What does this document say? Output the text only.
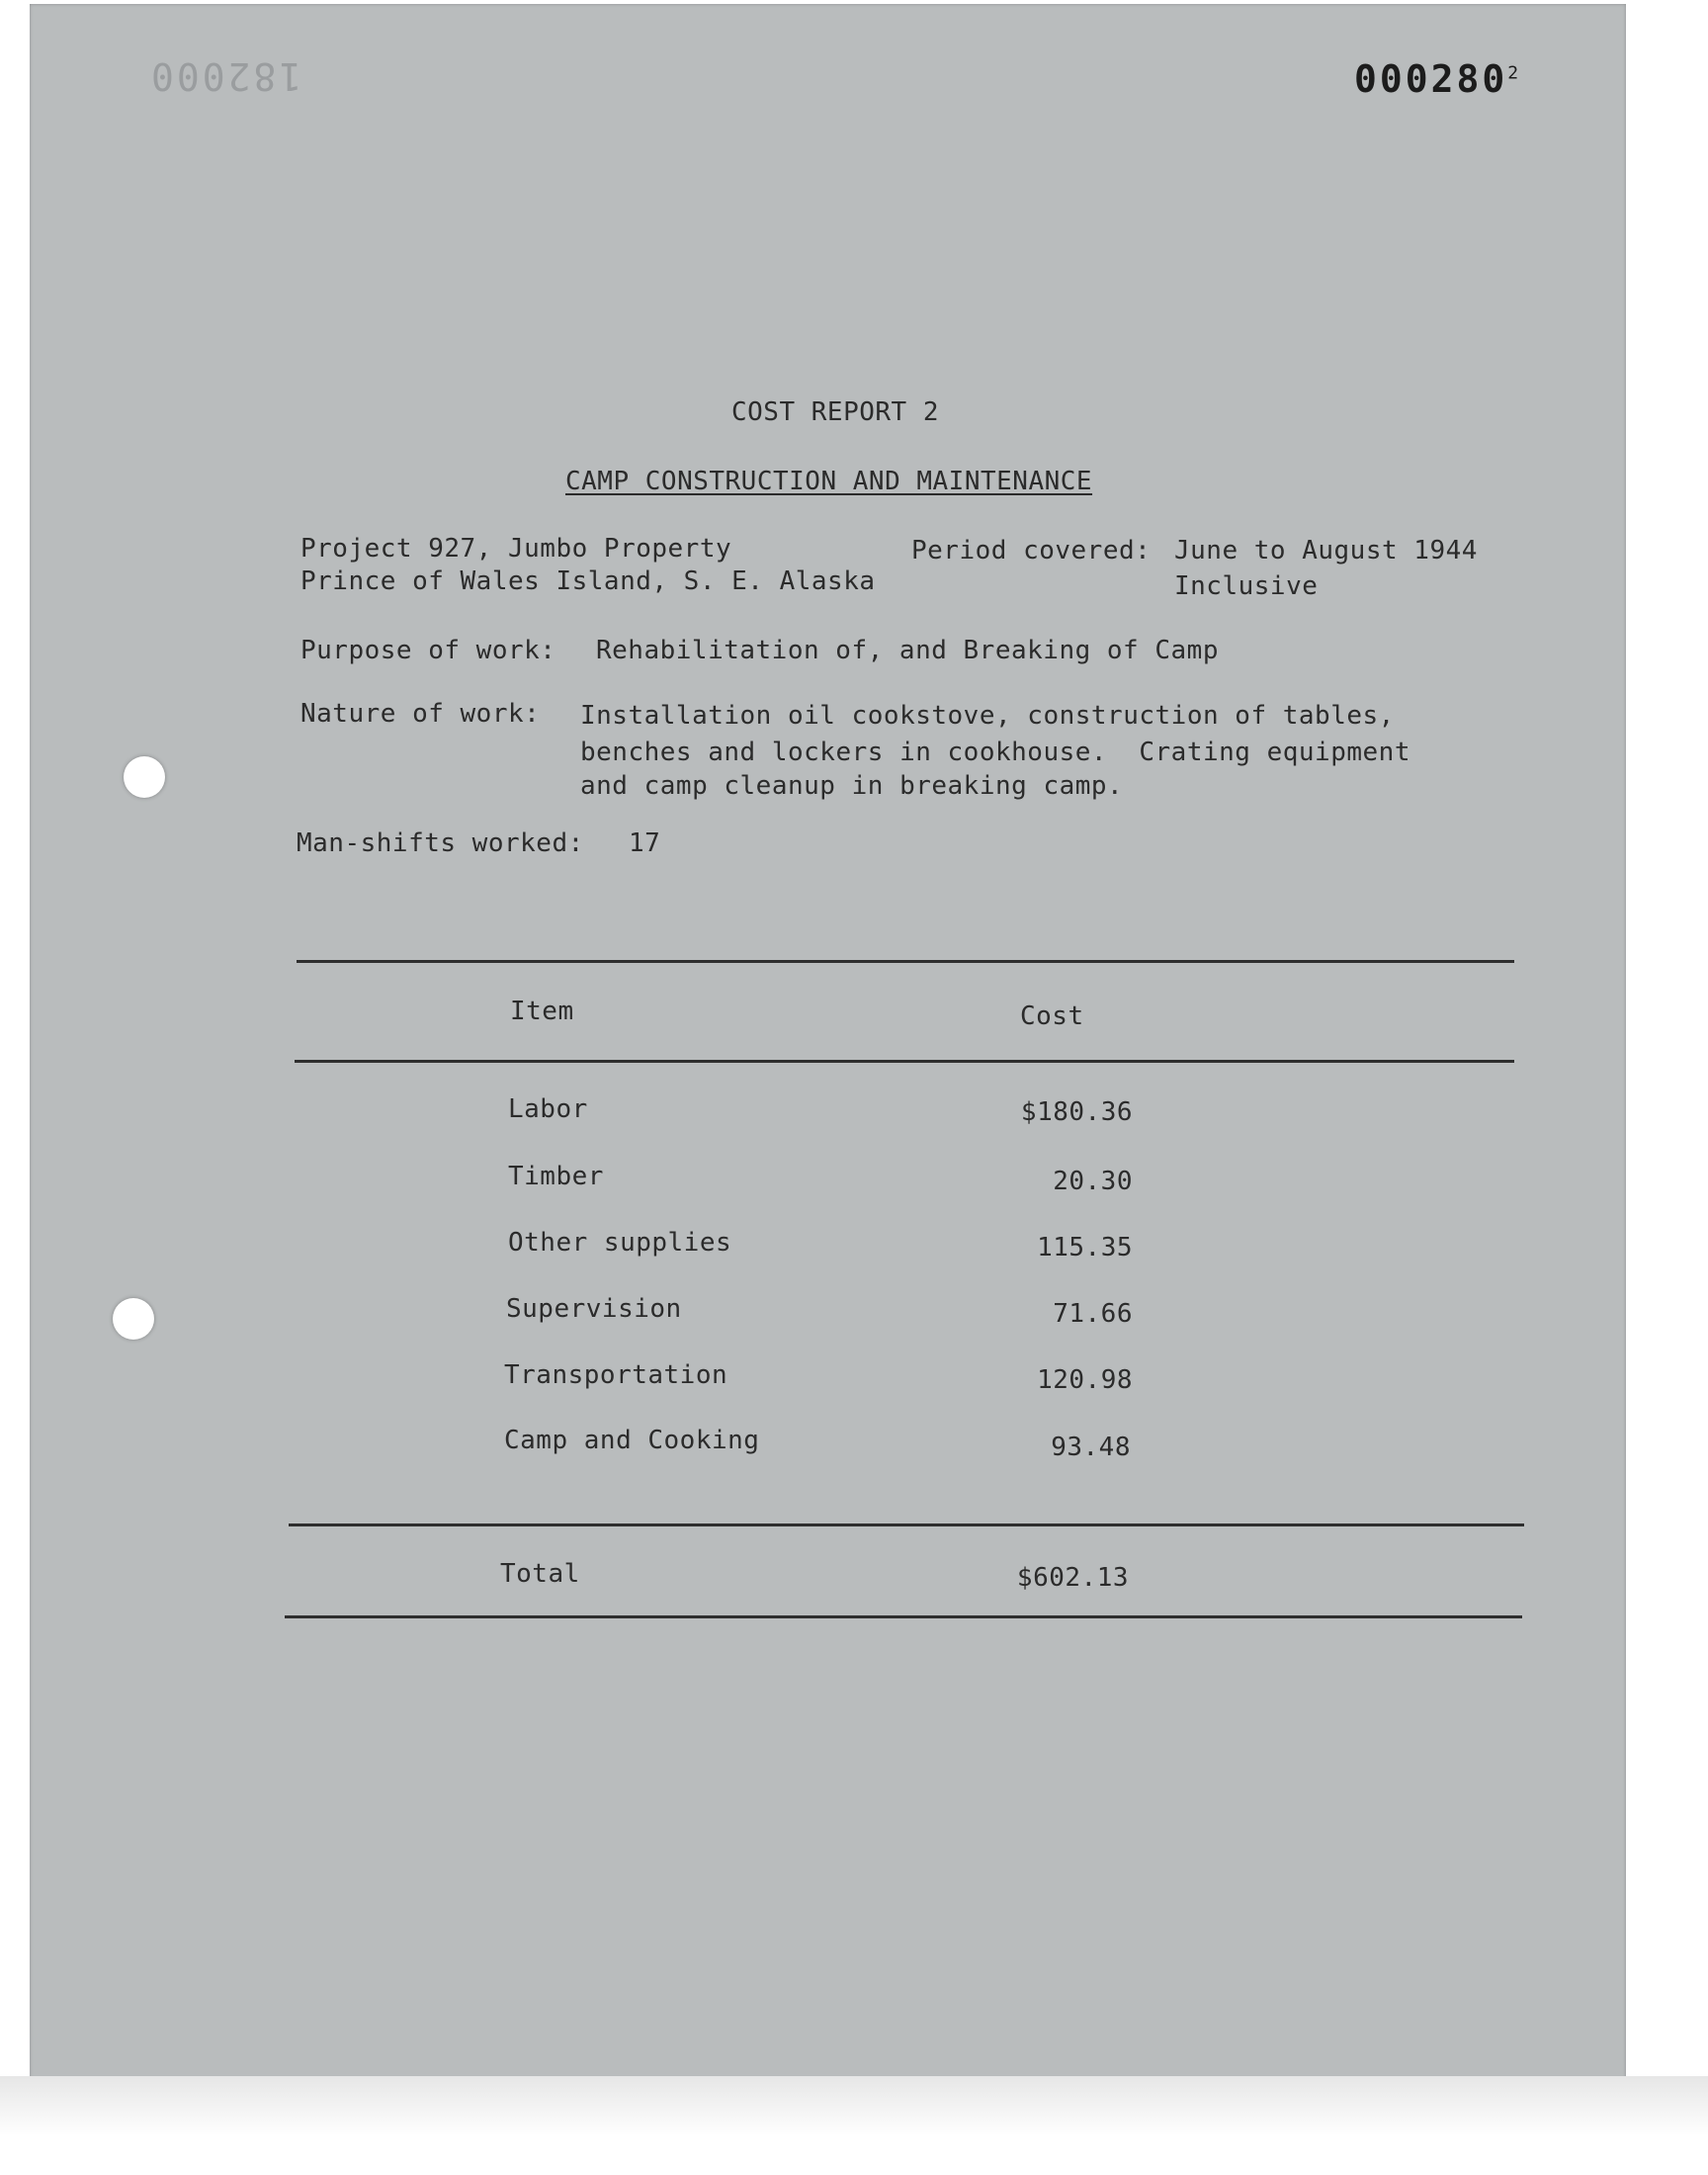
182000	000280$^2$
COST REPORT 2
CAMP CONSTRUCTION AND MAINTENANCE
Project 927, Jumbo Property
Prince of Wales Island, S. E. Alaska
Period covered: June to August 1944
Inclusive
Purpose of work: Rehabilitation of, and Breaking of Camp
Nature of work: Installation oil cookstove, construction of tables,
benches and lockers in cookhouse.  Crating equipment
and camp cleanup in breaking camp.
Man-shifts worked: 17
Item	Cost
Labor	$180.36
Timber	20.30
Other supplies	115.35
Supervision	71.66
Transportation	120.98
Camp and Cooking	93.48
Total	$602.13
